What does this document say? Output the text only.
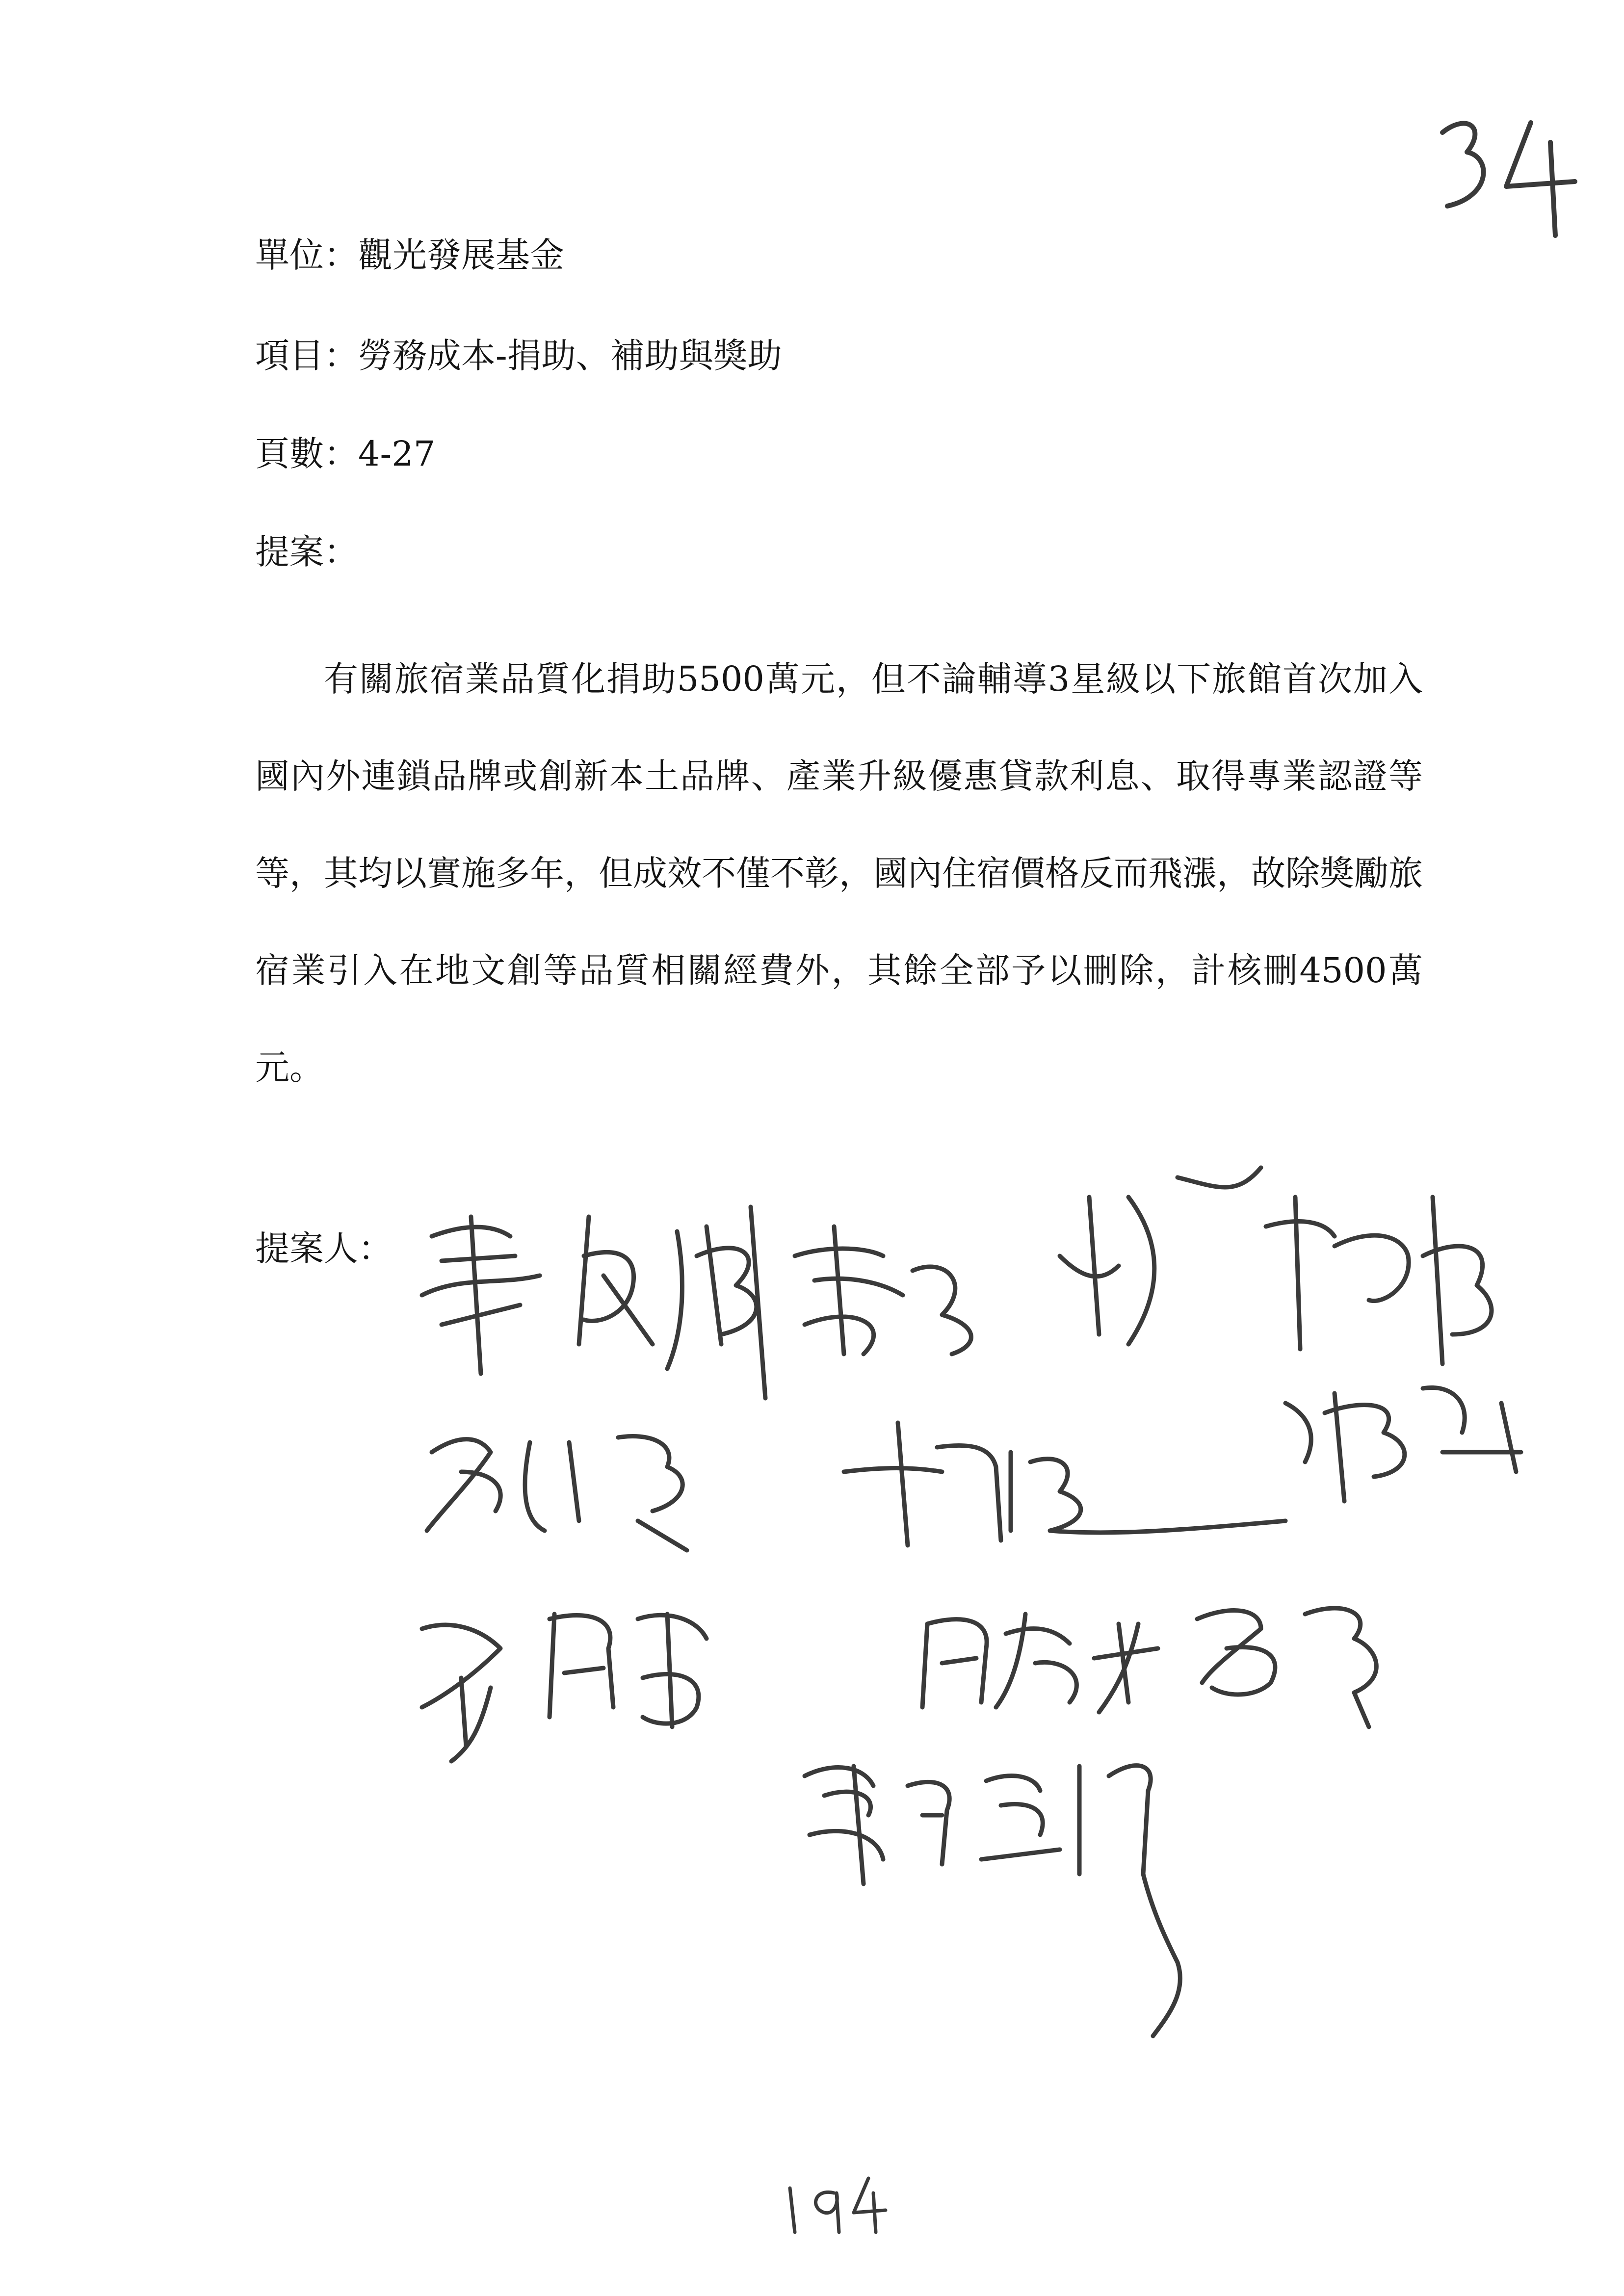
單位：觀光發展基金
項目：勞務成本-捐助、補助與獎助
頁數：4-27
提案：

有關旅宿業品質化捐助5500萬元，但不論輔導3星級以下旅館首次加入國內外連鎖品牌或創新本土品牌、產業升級優惠貸款利息、取得專業認證等等，其均以實施多年，但成效不僅不彰，國內住宿價格反而飛漲，故除獎勵旅宿業引入在地文創等品質相關經費外，其餘全部予以刪除，計核刪4500萬元。

提案人：
